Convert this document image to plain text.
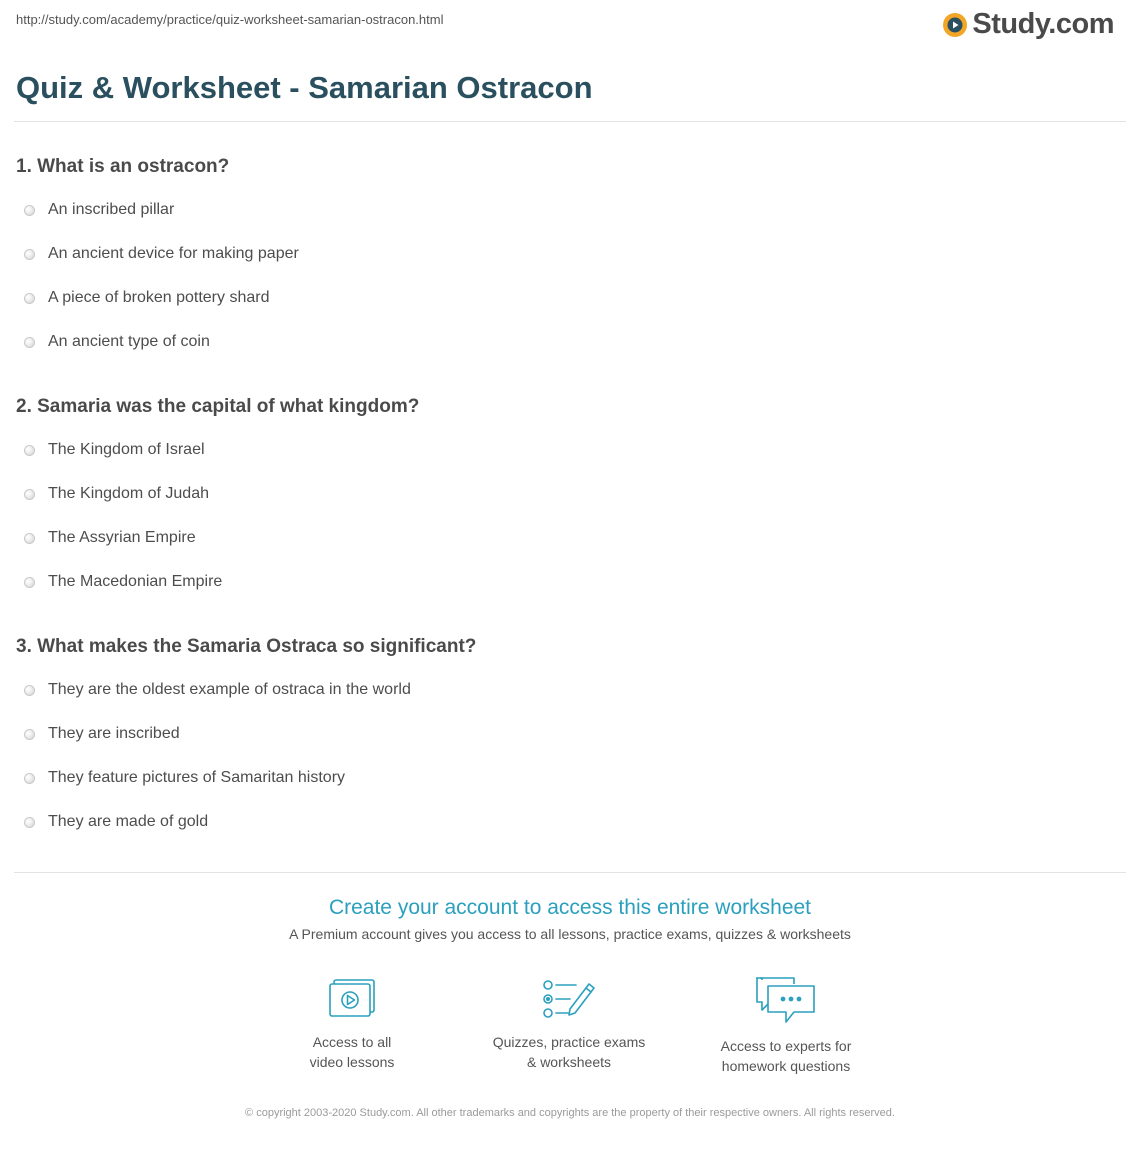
http://study.com/academy/practice/quiz-worksheet-samarian-ostracon.html	Study.com
Quiz & Worksheet - Samarian Ostracon
1. What is an ostracon?
An inscribed pillar
An ancient device for making paper
A piece of broken pottery shard
An ancient type of coin
2. Samaria was the capital of what kingdom?
The Kingdom of Israel
The Kingdom of Judah
The Assyrian Empire
The Macedonian Empire
3. What makes the Samaria Ostraca so significant?
They are the oldest example of ostraca in the world
They are inscribed
They feature pictures of Samaritan history
They are made of gold
Create your account to access this entire worksheet
A Premium account gives you access to all lessons, practice exams, quizzes & worksheets
Access to all
video lessons
Quizzes, practice exams
& worksheets
Access to experts for
homework questions
© copyright 2003-2020 Study.com. All other trademarks and copyrights are the property of their respective owners. All rights reserved.
